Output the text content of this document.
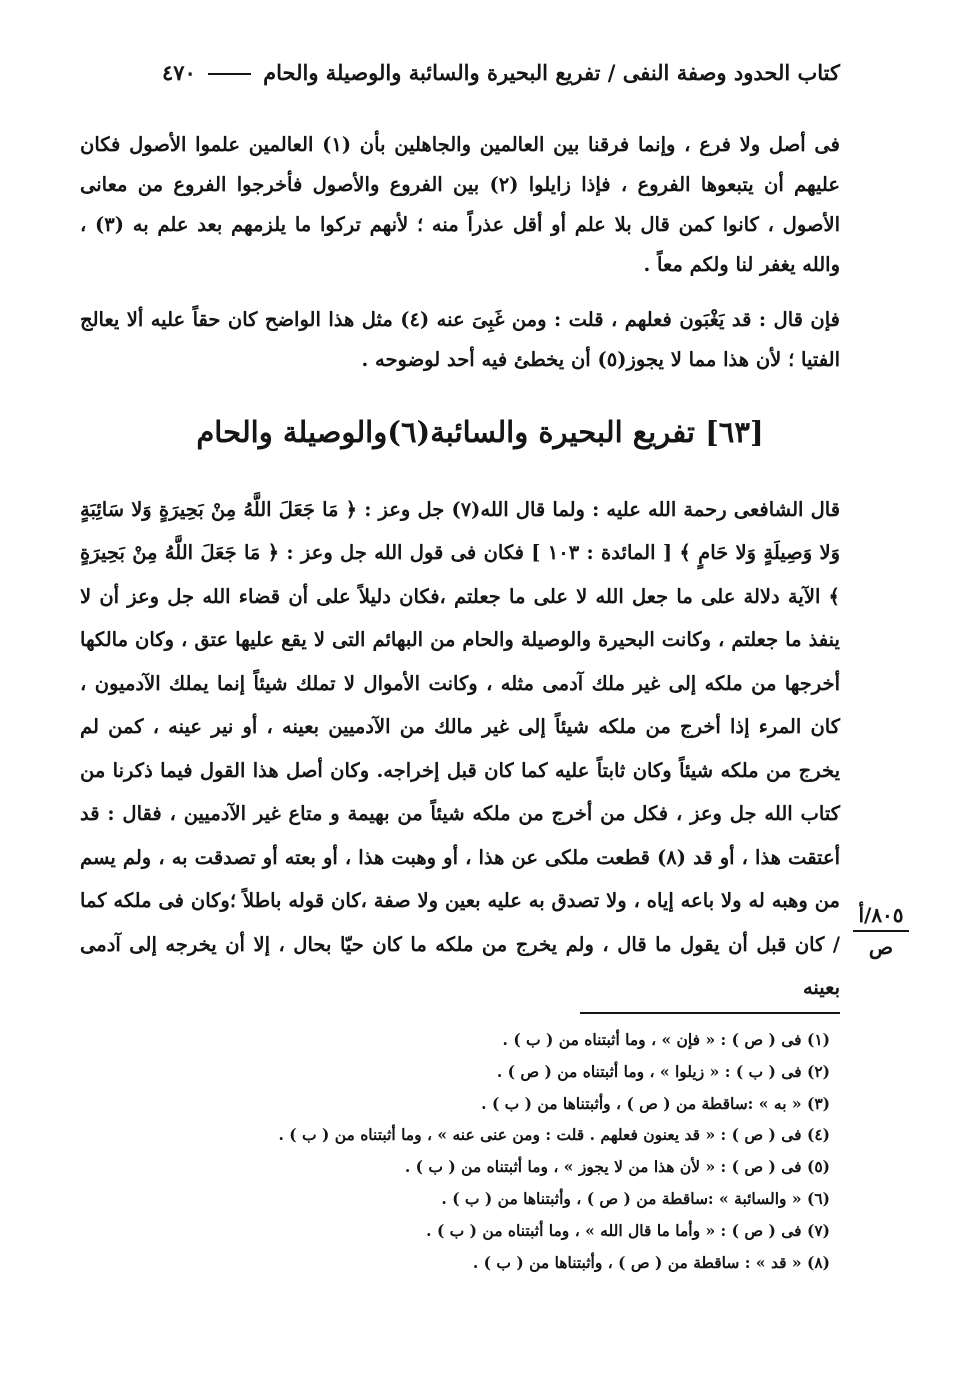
٤٧٠	كتاب الحدود وصفة النفى / تفريع البحيرة والسائبة والوصيلة والحام

فى أصل ولا فرع ، وإنما فرقنا بين العالمين والجاهلين بأن (١) العالمين علموا الأصول فكان عليهم أن يتبعوها الفروع ، فإذا زايلوا (٢) بين الفروع والأصول فأخرجوا الفروع من معانى الأصول ، كانوا كمن قال بلا علم أو أقل عذراً منه ؛ لأنهم تركوا ما يلزمهم بعد علم به (٣) ، والله يغفر لنا ولكم معاً .

فإن قال : قد يَغْبَون فعلهم ، قلت : ومن غَبِىَ عنه (٤) مثل هذا الواضح كان حقاً عليه ألا يعالج الفتيا ؛ لأن هذا مما لا يجوز(٥) أن يخطئ فيه أحد لوضوحه .

[٦٣] تفريع البحيرة والسائبة(٦)والوصيلة والحام

قال الشافعى رحمة الله عليه : ولما قال الله(٧) جل وعز : ﴿ مَا جَعَلَ اللَّهُ مِنْ بَحِيرَةٍ وَلا سَائِبَةٍ وَلا وَصِيلَةٍ وَلا حَامٍ ﴾ [ المائدة : ١٠٣ ] فكان فى قول الله جل وعز : ﴿ مَا جَعَلَ اللَّهُ مِنْ بَحِيرَةٍ ﴾ الآية دلالة على ما جعل الله لا على ما جعلتم ،فكان دليلاً على أن قضاء الله جل وعز أن لا ينفذ ما جعلتم ، وكانت البحيرة والوصيلة والحام من البهائم التى لا يقع عليها عتق ، وكان مالكها أخرجها من ملكه إلى غير ملك آدمى مثله ، وكانت الأموال لا تملك شيئاً إنما يملك الآدميون ، كان المرء إذا أخرج من ملكه شيئاً إلى غير مالك من الآدميين بعينه ، أو نير عينه ، كمن لم يخرج من ملكه شيئاً وكان ثابتاً عليه كما كان قبل إخراجه. وكان أصل هذا القول فيما ذكرنا من كتاب الله جل وعز ، فكل من أخرج من ملكه شيئاً من بهيمة و متاع غير الآدميين ، فقال : قد أعتقت هذا ، أو قد (٨) قطعت ملكى عن هذا ، أو وهبت هذا ، أو بعته أو تصدقت به ، ولم يسم من وهبه له ولا باعه إياه ، ولا تصدق به عليه بعين ولا صفة ،كان قوله باطلاً ؛وكان فى ملكه كما / كان قبل أن يقول ما قال ، ولم يخرج من ملكه ما كان حيّا بحال ، إلا أن يخرجه إلى آدمى بعينه

٨٠٥/أ
ص
(١) فى ( ص ) : « فإن » ، وما أثبتناه من ( ب ) .
(٢) فى ( ب ) : « زيلوا » ، وما أثبتناه من ( ص ) .
(٣) « به » :ساقطة من ( ص ) ، وأثبتناها من ( ب ) .
(٤) فى ( ص ) : « قد يعنون فعلهم . قلت : ومن عنى عنه » ، وما أثبتناه من ( ب ) .
(٥) فى ( ص ) : « لأن هذا من لا يجوز » ، وما أثبتناه من ( ب ) .
(٦) « والسائبة » :ساقطة من ( ص ) ، وأثبتناها من ( ب ) .
(٧) فى ( ص ) : « وأما ما قال الله » ، وما أثبتناه من ( ب ) .
(٨) « قد » : ساقطة من ( ص ) ، وأثبتناها من ( ب ) .
